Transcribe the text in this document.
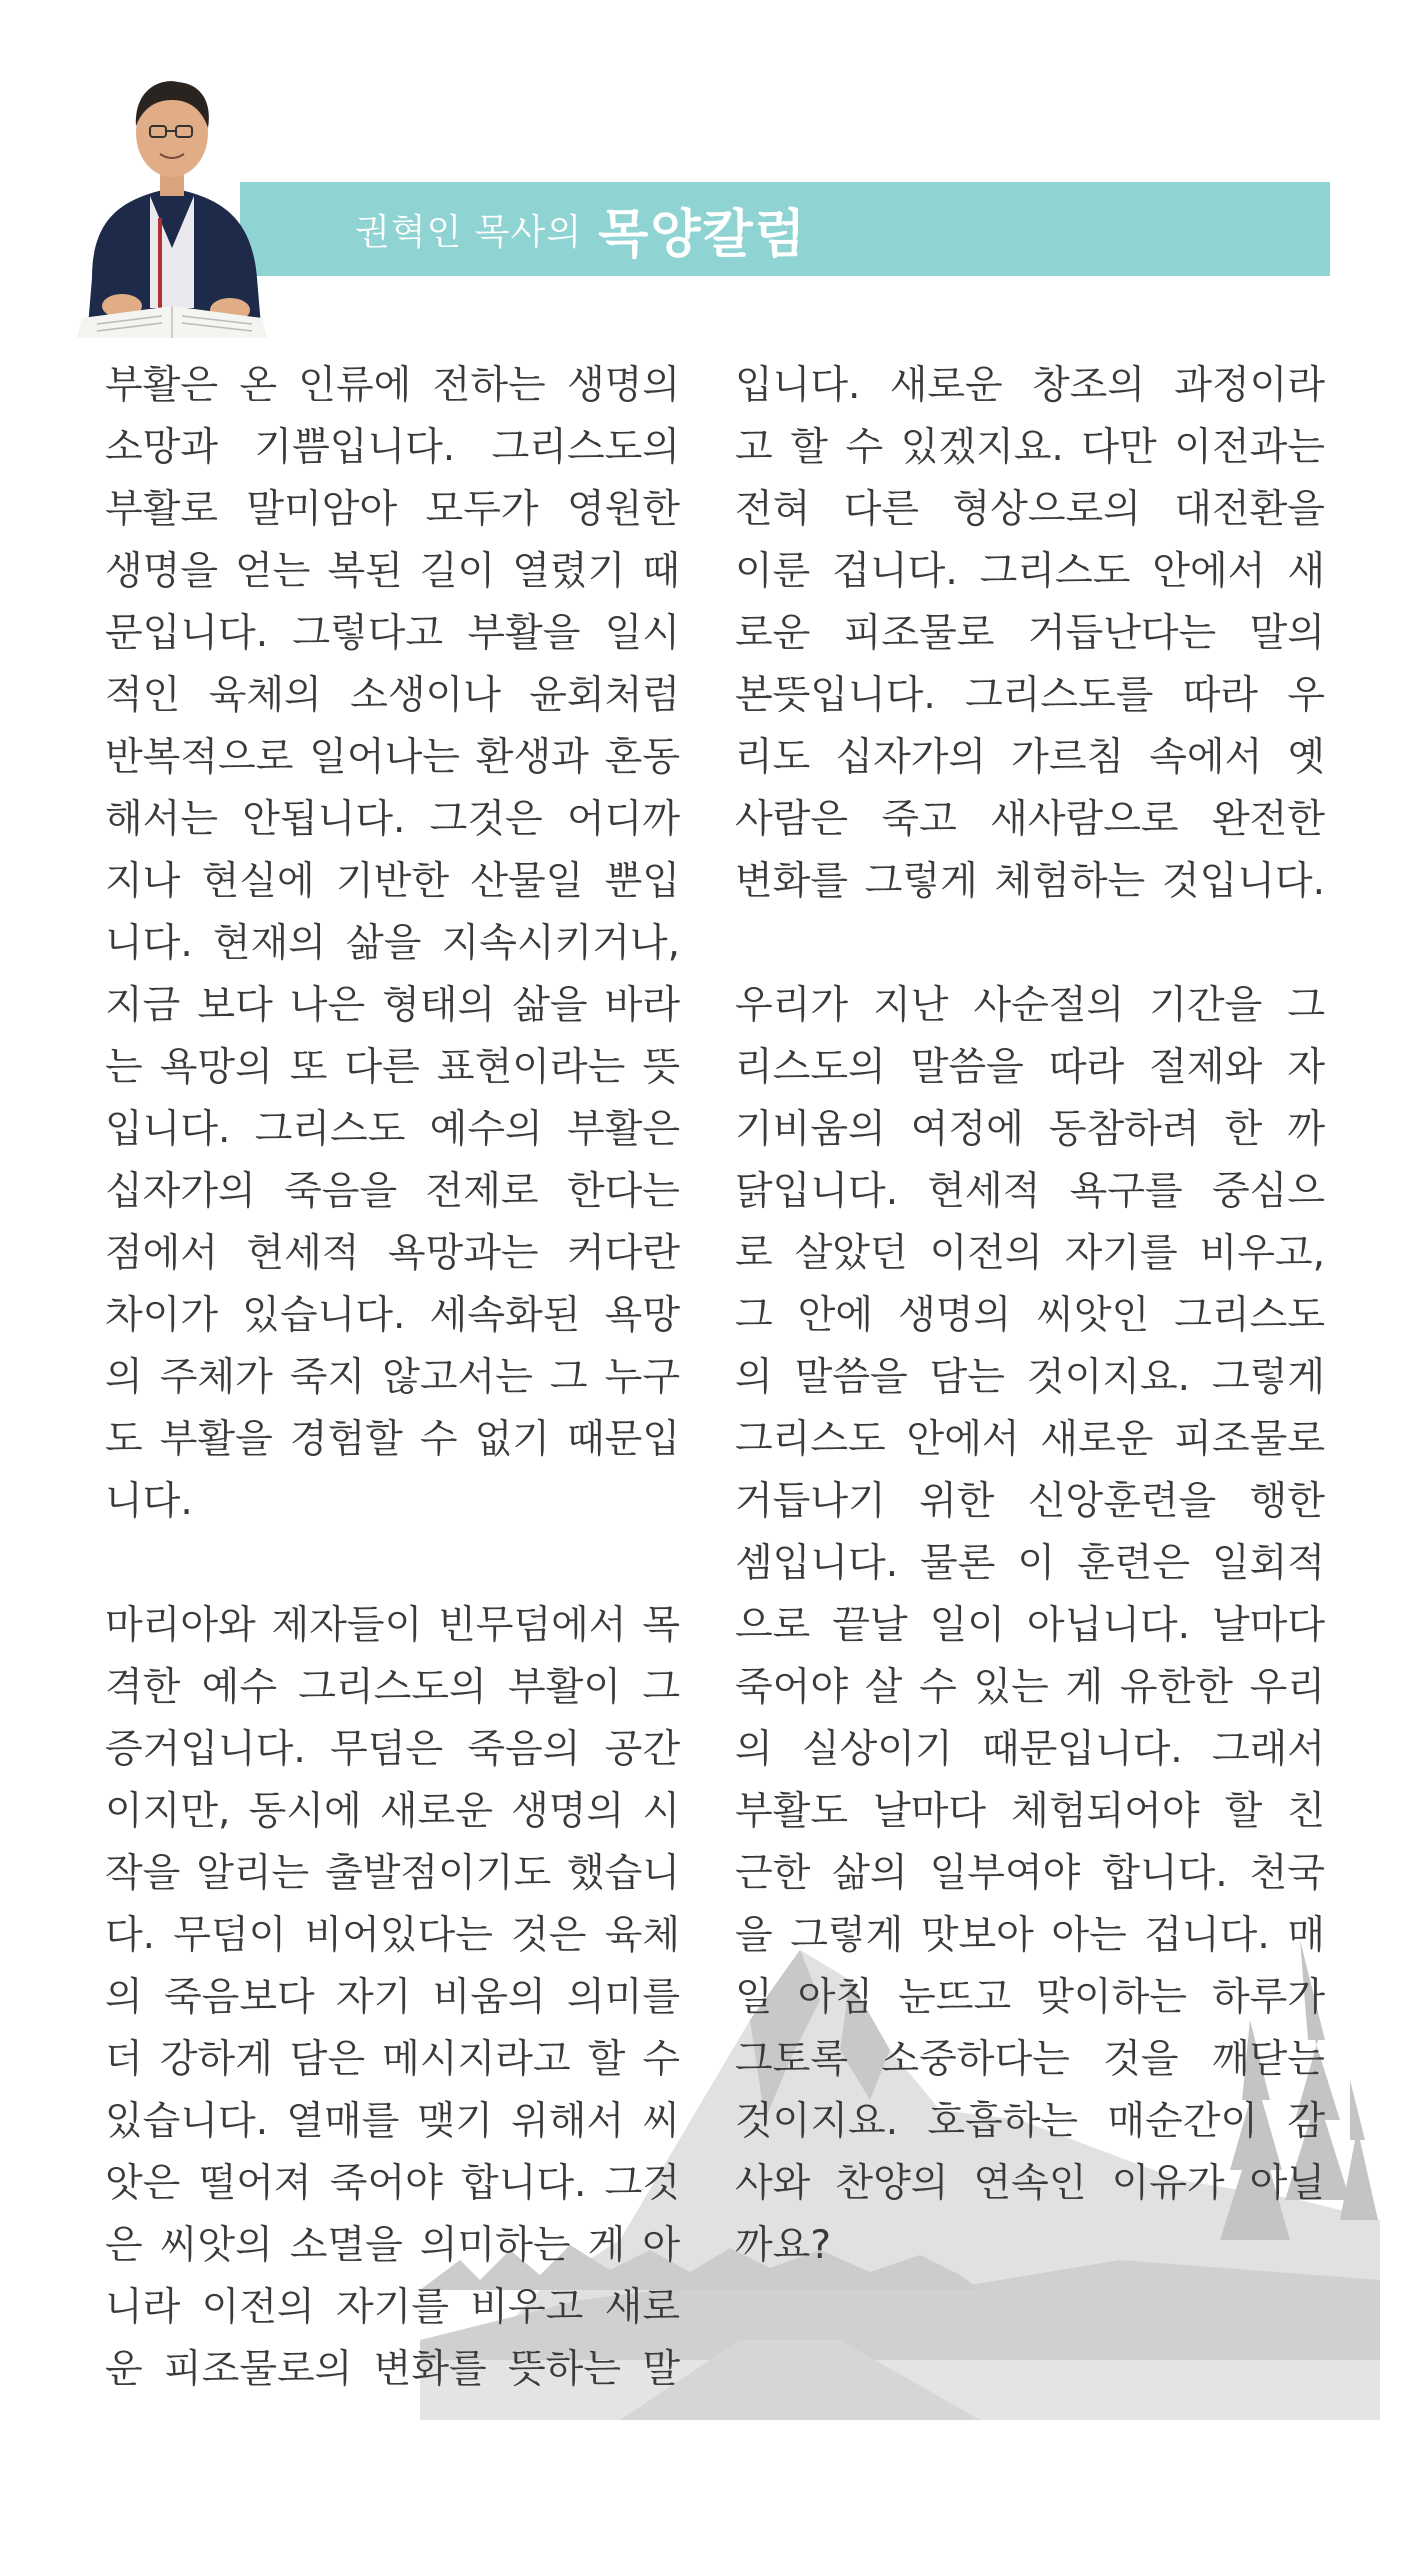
권혁인 목사의 목양칼럼
부활은 온 인류에 전하는 생명의
소망과 기쁨입니다. 그리스도의
부활로 말미암아 모두가 영원한
생명을 얻는 복된 길이 열렸기 때
문입니다. 그렇다고 부활을 일시
적인 육체의 소생이나 윤회처럼
반복적으로 일어나는 환생과 혼동
해서는 안됩니다. 그것은 어디까
지나 현실에 기반한 산물일 뿐입
니다. 현재의 삶을 지속시키거나,
지금 보다 나은 형태의 삶을 바라
는 욕망의 또 다른 표현이라는 뜻
입니다. 그리스도 예수의 부활은
십자가의 죽음을 전제로 한다는
점에서 현세적 욕망과는 커다란
차이가 있습니다. 세속화된 욕망
의 주체가 죽지 않고서는 그 누구
도 부활을 경험할 수 없기 때문입
니다.
마리아와 제자들이 빈무덤에서 목
격한 예수 그리스도의 부활이 그
증거입니다. 무덤은 죽음의 공간
이지만, 동시에 새로운 생명의 시
작을 알리는 출발점이기도 했습니
다. 무덤이 비어있다는 것은 육체
의 죽음보다 자기 비움의 의미를
더 강하게 담은 메시지라고 할 수
있습니다. 열매를 맺기 위해서 씨
앗은 떨어져 죽어야 합니다. 그것
은 씨앗의 소멸을 의미하는 게 아
니라 이전의 자기를 비우고 새로
운 피조물로의 변화를 뜻하는 말
입니다. 새로운 창조의 과정이라
고 할 수 있겠지요. 다만 이전과는
전혀 다른 형상으로의 대전환을
이룬 겁니다. 그리스도 안에서 새
로운 피조물로 거듭난다는 말의
본뜻입니다. 그리스도를 따라 우
리도 십자가의 가르침 속에서 옛
사람은 죽고 새사람으로 완전한
변화를 그렇게 체험하는 것입니다.
우리가 지난 사순절의 기간을 그
리스도의 말씀을 따라 절제와 자
기비움의 여정에 동참하려 한 까
닭입니다. 현세적 욕구를 중심으
로 살았던 이전의 자기를 비우고,
그 안에 생명의 씨앗인 그리스도
의 말씀을 담는 것이지요. 그렇게
그리스도 안에서 새로운 피조물로
거듭나기 위한 신앙훈련을 행한
셈입니다. 물론 이 훈련은 일회적
으로 끝날 일이 아닙니다. 날마다
죽어야 살 수 있는 게 유한한 우리
의 실상이기 때문입니다. 그래서
부활도 날마다 체험되어야 할 친
근한 삶의 일부여야 합니다. 천국
을 그렇게 맛보아 아는 겁니다. 매
일 아침 눈뜨고 맞이하는 하루가
그토록 소중하다는 것을 깨닫는
것이지요. 호흡하는 매순간이 감
사와 찬양의 연속인 이유가 아닐
까요?
